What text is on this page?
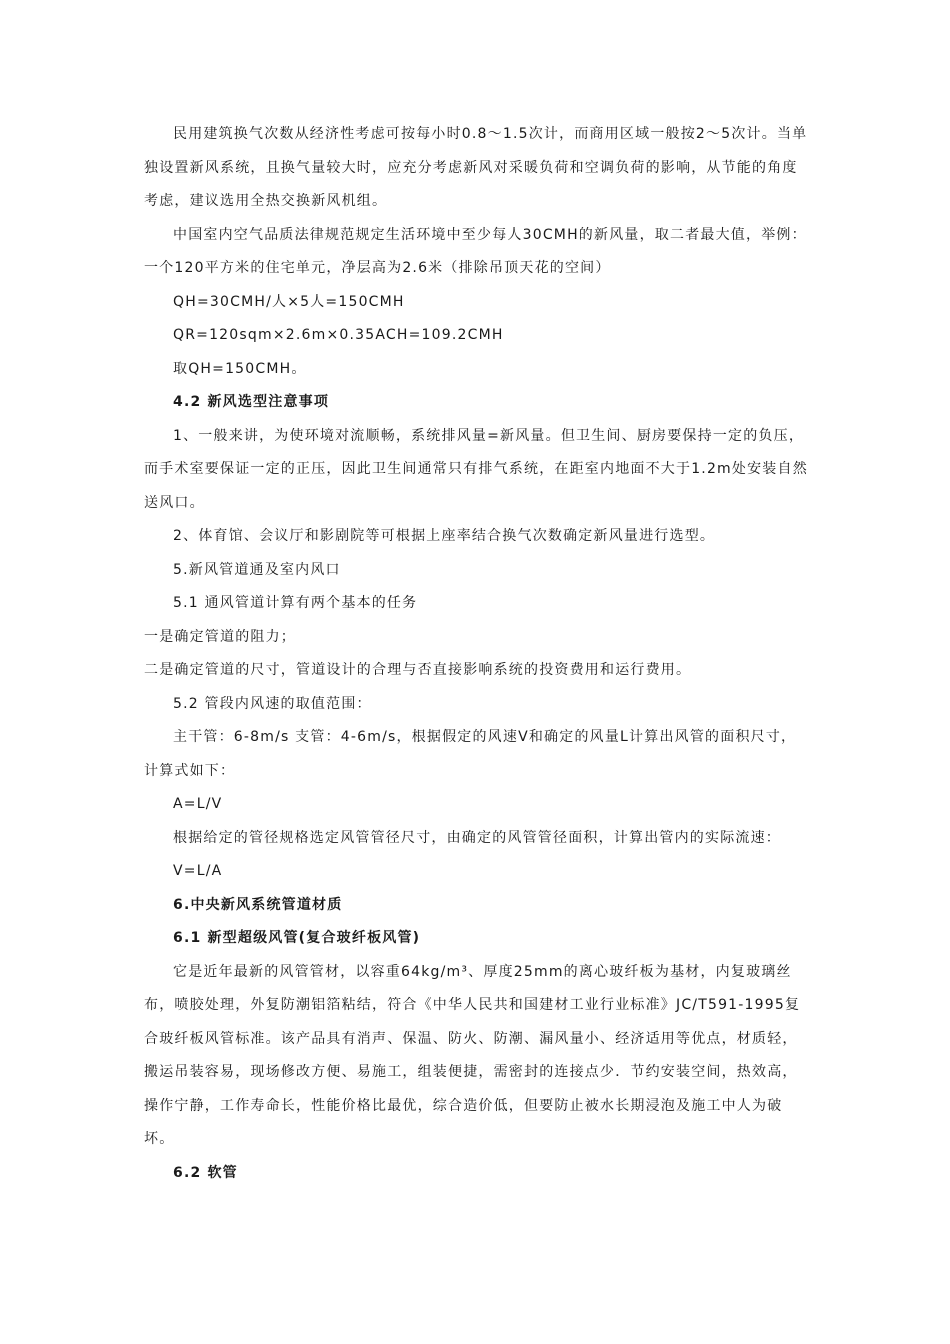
民用建筑换气次数从经济性考虑可按每小时0.8～1.5次计，而商用区域一般按2～5次计。当单独设置新风系统，且换气量较大时，应充分考虑新风对采暖负荷和空调负荷的影响，从节能的角度考虑，建议选用全热交换新风机组。

中国室内空气品质法律规范规定生活环境中至少每人30CMH的新风量，取二者最大值，举例：一个120平方米的住宅单元，净层高为2.6米（排除吊顶天花的空间）

QH=30CMH/人×5人=150CMH

QR=120sqm×2.6m×0.35ACH=109.2CMH

取QH=150CMH。

4.2 新风选型注意事项

1、一般来讲，为使环境对流顺畅，系统排风量=新风量。但卫生间、厨房要保持一定的负压，而手术室要保证一定的正压，因此卫生间通常只有排气系统，在距室内地面不大于1.2m处安装自然送风口。

2、体育馆、会议厅和影剧院等可根据上座率结合换气次数确定新风量进行选型。

5.新风管道通及室内风口

5.1 通风管道计算有两个基本的任务

一是确定管道的阻力；

二是确定管道的尺寸，管道设计的合理与否直接影响系统的投资费用和运行费用。

5.2 管段内风速的取值范围：

主干管：6-8m/s 支管：4-6m/s，根据假定的风速V和确定的风量L计算出风管的面积尺寸，计算式如下：

A=L/V

根据给定的管径规格选定风管管径尺寸，由确定的风管管径面积，计算出管内的实际流速：

V=L/A

6.中央新风系统管道材质

6.1 新型超级风管(复合玻纤板风管)

它是近年最新的风管管材，以容重64kg/m³、厚度25mm的离心玻纤板为基材，内复玻璃丝布，喷胶处理，外复防潮铝箔粘结，符合《中华人民共和国建材工业行业标准》JC/T591-1995复合玻纤板风管标准。该产品具有消声、保温、防火、防潮、漏风量小、经济适用等优点，材质轻，搬运吊装容易，现场修改方便、易施工，组装便捷，需密封的连接点少．节约安装空间，热效高，操作宁静，工作寿命长，性能价格比最优，综合造价低，但要防止被水长期浸泡及施工中人为破坏。

6.2 软管
